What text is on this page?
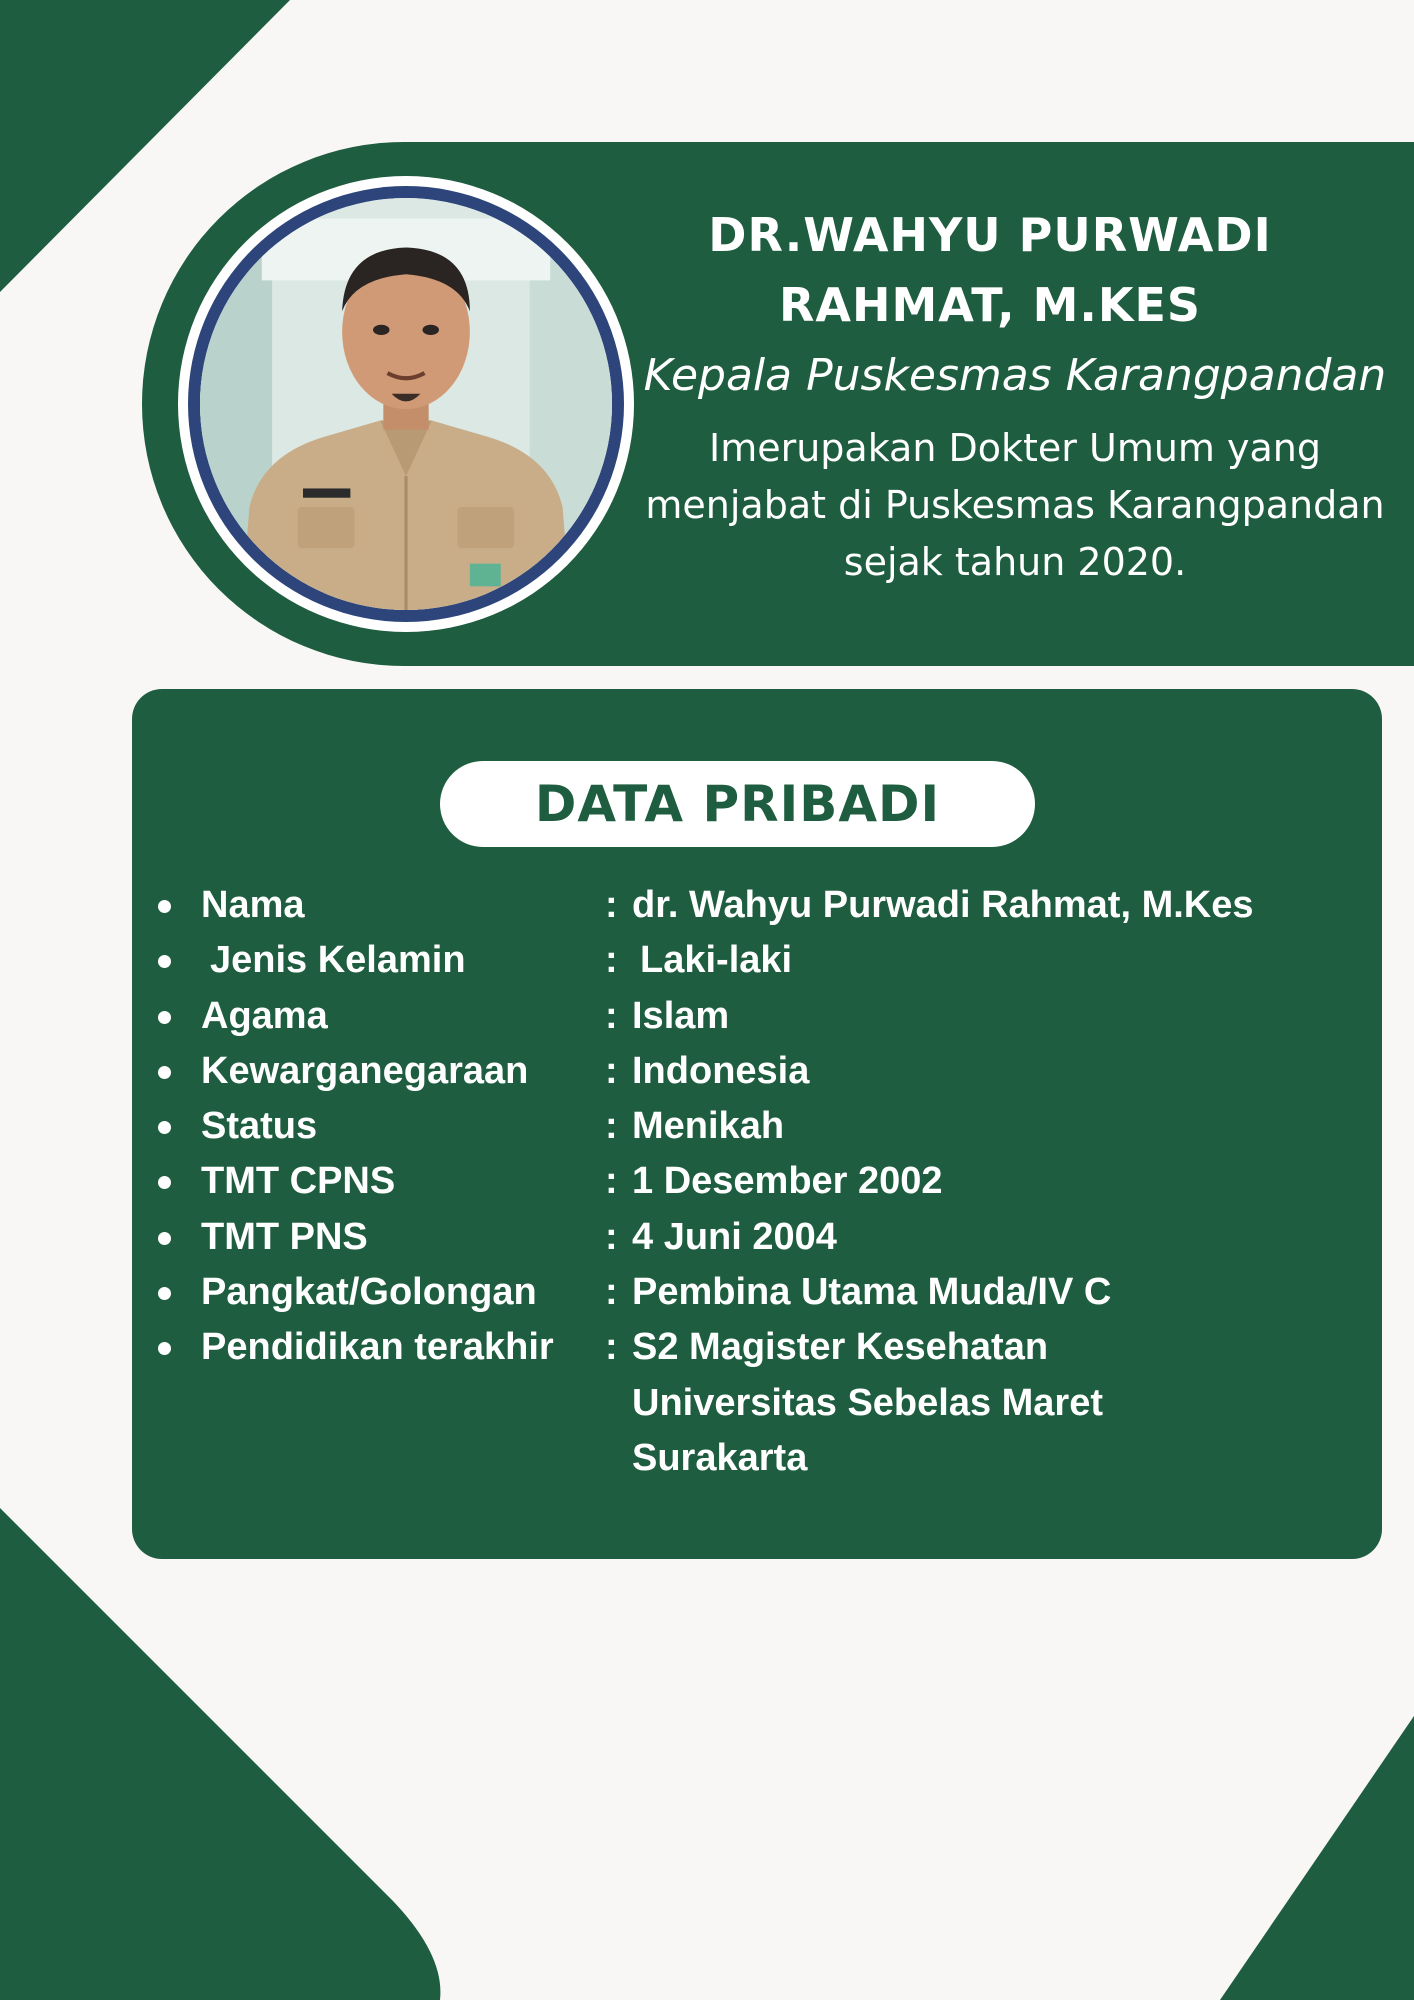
DR.WAHYU PURWADI
RAHMAT, M.KES

Kepala Puskesmas Karangpandan

Imerupakan Dokter Umum yang
menjabat di Puskesmas Karangpandan
sejak tahun 2020.

DATA PRIBADI
Nama	: dr. Wahyu Purwadi Rahmat, M.Kes
Jenis Kelamin	: Laki-laki
Agama	: Islam
Kewarganegaraan : Indonesia
Status	: Menikah
TMT CPNS	: 1 Desember 2002
TMT PNS	: 4 Juni 2004
Pangkat/Golongan : Pembina Utama Muda/IV C
Pendidikan terakhir : S2 Magister Kesehatan
Universitas Sebelas Maret
Surakarta
